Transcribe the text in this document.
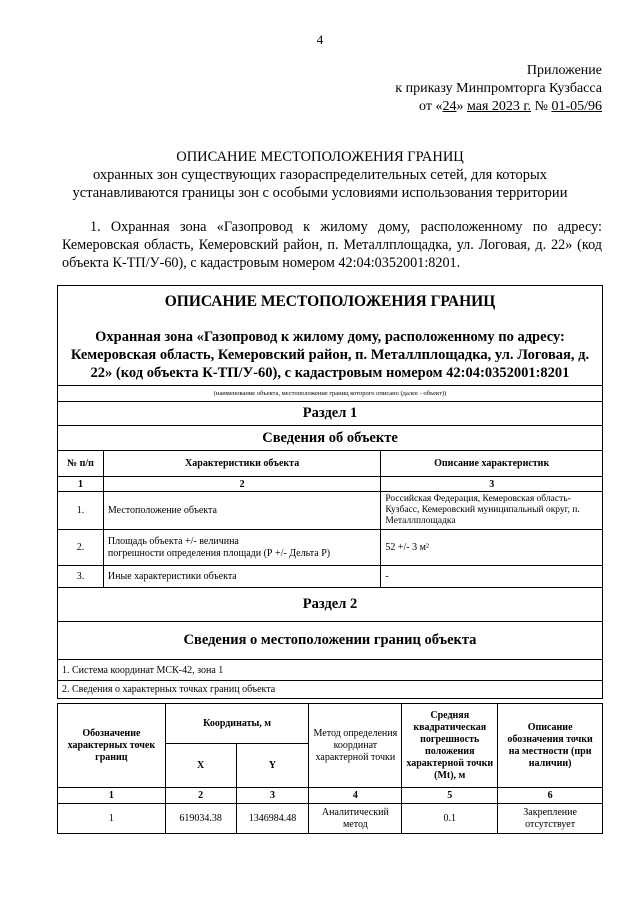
4
Приложение
к приказу Минпромторга Кузбасса
от «24» мая 2023 г. № 01-05/96
ОПИСАНИЕ МЕСТОПОЛОЖЕНИЯ ГРАНИЦ
охранных зон существующих газораспределительных сетей, для которых
устанавливаются границы зон с особыми условиями использования территории
1. Охранная зона «Газопровод к жилому дому, расположенному по адресу: Кемеровская область, Кемеровский район, п. Металлплощадка, ул. Логовая, д. 22» (код объекта К-ТП/У-60), с кадастровым номером 42:04:0352001:8201.
ОПИСАНИЕ МЕСТОПОЛОЖЕНИЯ ГРАНИЦ
Охранная зона «Газопровод к жилому дому, расположенному по адресу: Кемеровская область, Кемеровский район, п. Металлплощадка, ул. Логовая, д. 22» (код объекта К-ТП/У-60), с кадастровым номером 42:04:0352001:8201		

(наименование объекта, местоположение границ которого описано (далее - объект))		
Раздел 1		
Сведения об объекте		
№ п/п	Характеристики объекта	Описание характеристик
1	2	3
1.	Местоположение объекта	Российская Федерация, Кемеровская область-Кузбасс, Кемеровский муниципальный округ, п. Металлплощадка
2.	Площадь объекта +/- величина
погрешности определения площади (Р +/- Дельта Р)	52 +/- 3 м²
3.	Иные характеристики объекта	-
Раздел 2		
Сведения о местоположении границ объекта		
1. Система координат МСК-42, зона 1		
2. Сведения о характерных точках границ объекта		
Обозначение характерных точек границ	Координаты, м		Метод определения координат характерной точки	Средняя квадратическая погрешность положения характерной точки (Mt), м	Описание обозначения точки на местности (при наличии)
	X	Y			
1	2	3	4	5	6
1	619034.38	1346984.48	Аналитический метод	0.1	Закрепление отсутствует
